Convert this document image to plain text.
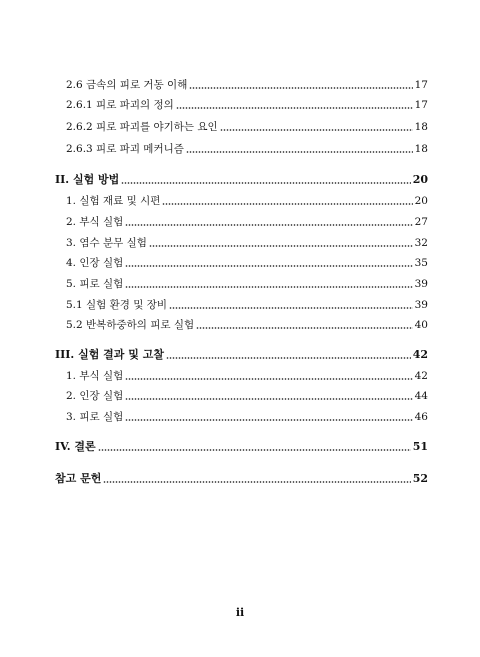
2.6 금속의 피로 거동 이해	17
2.6.1 피로 파괴의 정의	17
2.6.2 피로 파괴를 야기하는 요인	18
2.6.3 피로 파괴 메커니즘	18
II. 실험 방법	20
1. 실험 재료 및 시편	20
2. 부식 실험	27
3. 염수 분무 실험	32
4. 인장 실험	35
5. 피로 실험	39
5.1 실험 환경 및 장비	39
5.2 반복하중하의 피로 실험	40
III. 실험 결과 및 고찰	42
1. 부식 실험	42
2. 인장 실험	44
3. 피로 실험	46
IV. 결론	51
참고 문헌	52
ii
